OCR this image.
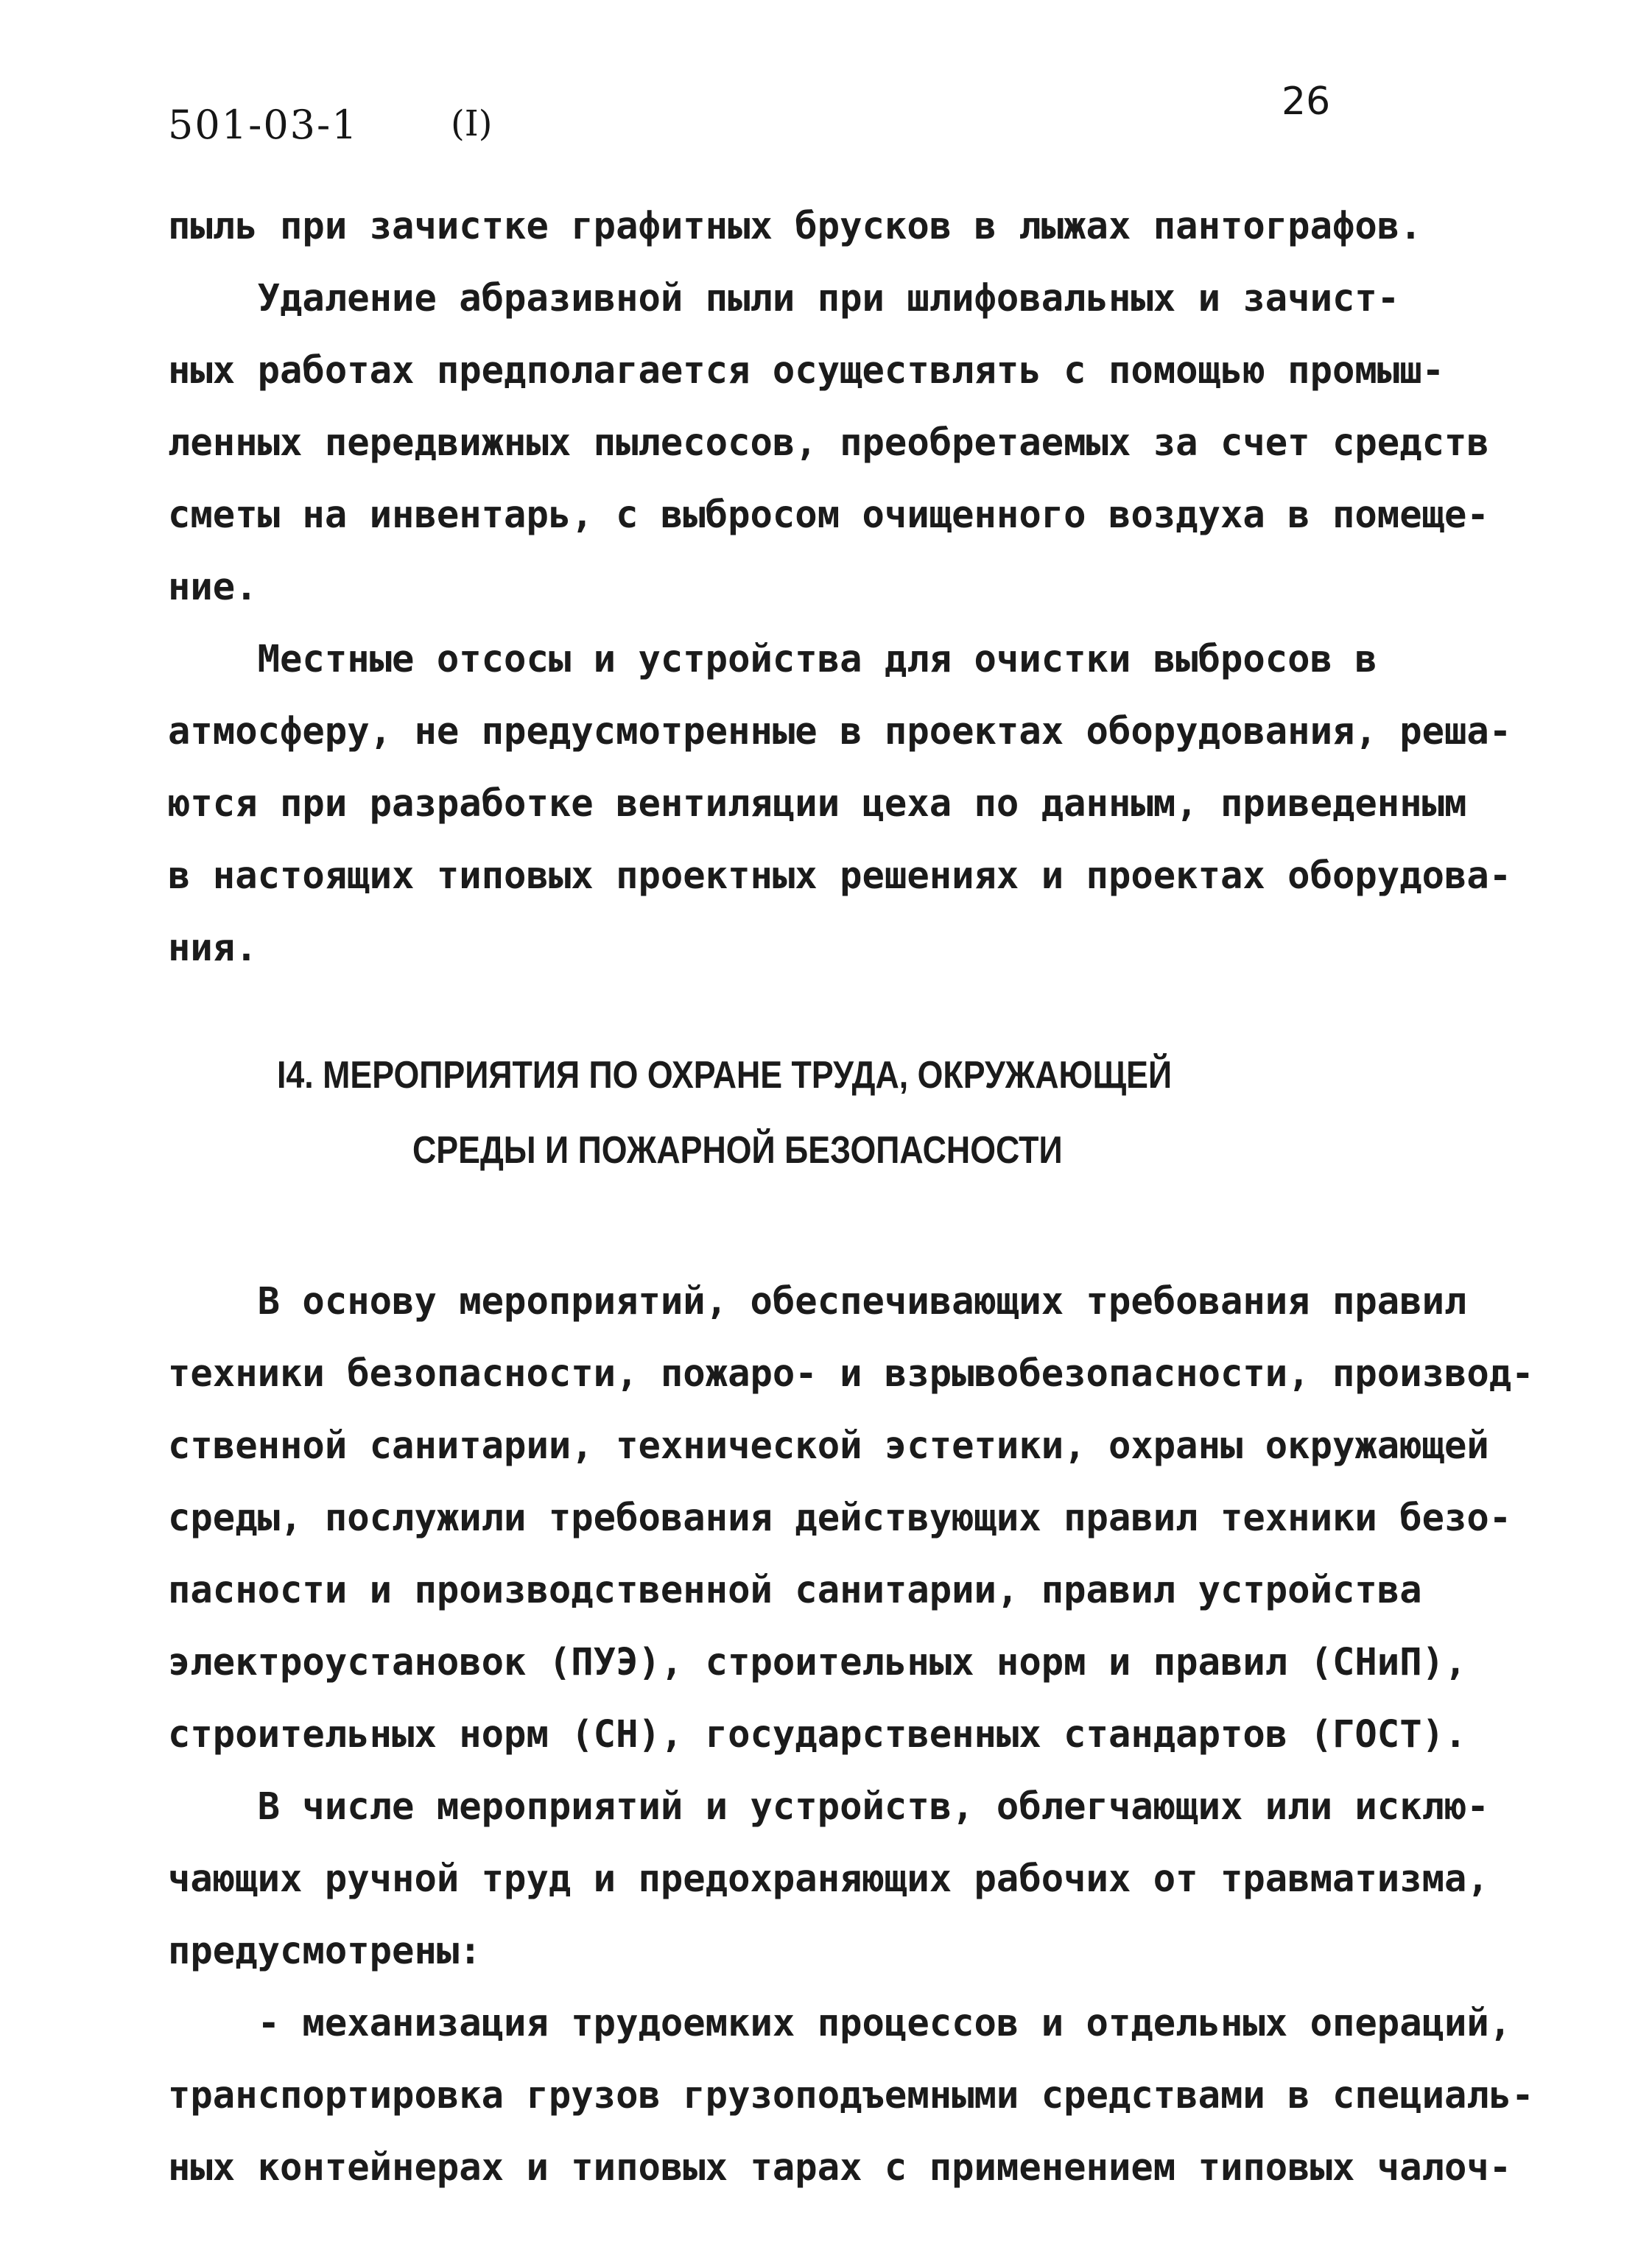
501-03-1	(I)	26
пыль при зачистке графитных брусков в лыжах пантографов.
Удаление абразивной пыли при шлифовальных и зачист-
ных работах предполагается осуществлять с помощью промыш-
ленных передвижных пылесосов, преобретаемых за счет средств
сметы на инвентарь, с выбросом очищенного воздуха в помеще-
ние.
Местные отсосы и устройства для очистки выбросов в
атмосферу, не предусмотренные в проектах оборудования, реша-
ются при разработке вентиляции цеха по данным, приведенным
в настоящих типовых проектных решениях и проектах оборудова-
ния.
I4. МЕРОПРИЯТИЯ ПО ОХРАНЕ ТРУДА, ОКРУЖАЮЩЕЙ
СРЕДЫ И ПОЖАРНОЙ БЕЗОПАСНОСТИ
В основу мероприятий, обеспечивающих требования правил
техники безопасности, пожаро- и взрывобезопасности, производ-
ственной санитарии, технической эстетики, охраны окружающей
среды, послужили требования действующих правил техники безо-
пасности и производственной санитарии, правил устройства
электроустановок (ПУЭ), строительных норм и правил (СНиП),
строительных норм (СН), государственных стандартов (ГОСТ).
В числе мероприятий и устройств, облегчающих или исклю-
чающих ручной труд и предохраняющих рабочих от травматизма,
предусмотрены:
- механизация трудоемких процессов и отдельных операций,
транспортировка грузов грузоподъемными средствами в специаль-
ных контейнерах и типовых тарах с применением типовых чалоч-
